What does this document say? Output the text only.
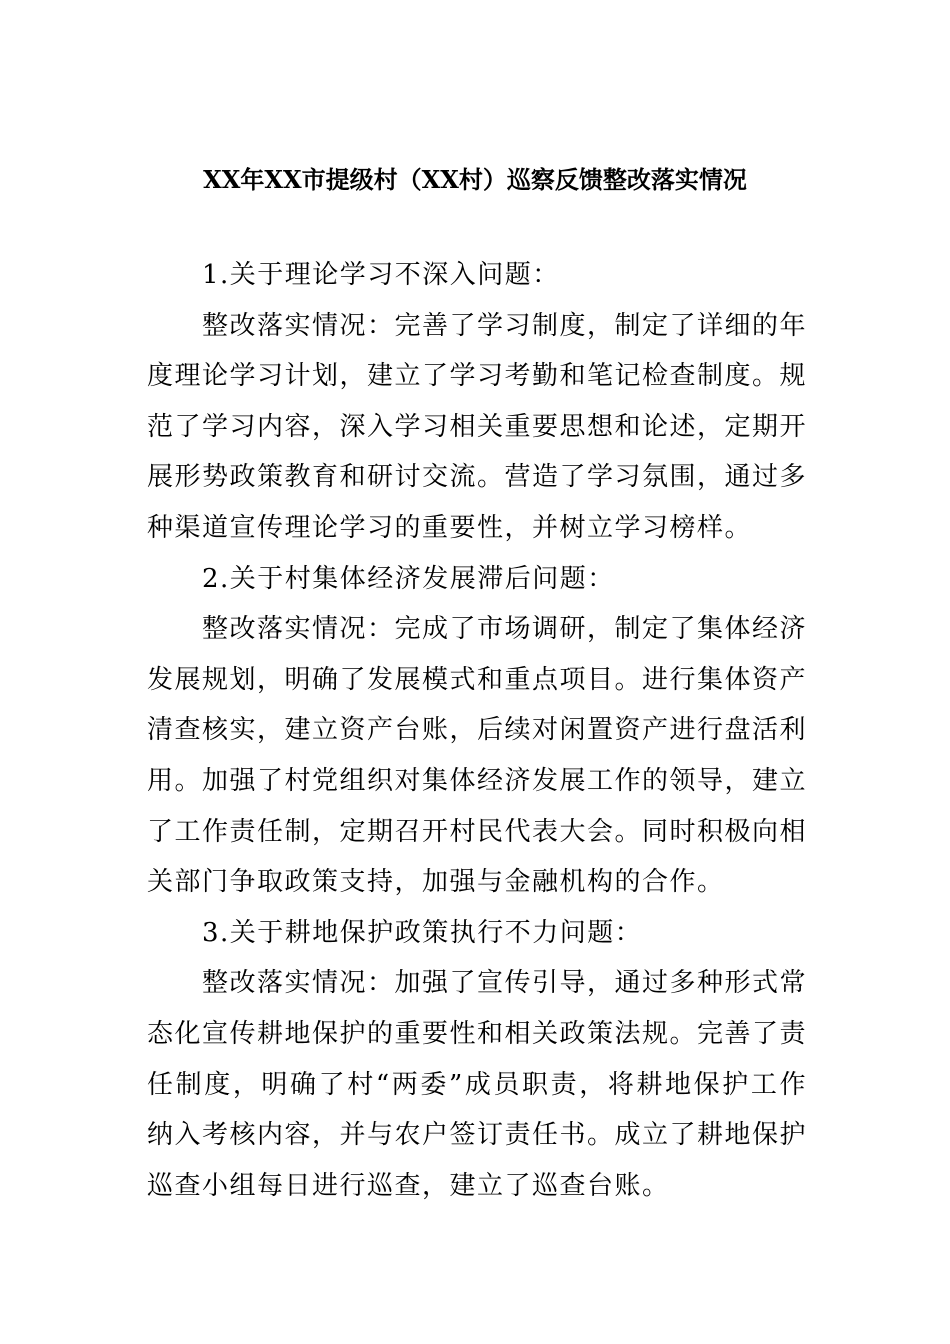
XX年XX市提级村（XX村）巡察反馈整改落实情况

1.关于理论学习不深入问题：

整改落实情况：完善了学习制度，制定了详细的年度理论学习计划，建立了学习考勤和笔记检查制度。规范了学习内容，深入学习相关重要思想和论述，定期开展形势政策教育和研讨交流。营造了学习氛围，通过多种渠道宣传理论学习的重要性，并树立学习榜样。

2.关于村集体经济发展滞后问题：

整改落实情况：完成了市场调研，制定了集体经济发展规划，明确了发展模式和重点项目。进行集体资产清查核实，建立资产台账，后续对闲置资产进行盘活利用。加强了村党组织对集体经济发展工作的领导，建立了工作责任制，定期召开村民代表大会。同时积极向相关部门争取政策支持，加强与金融机构的合作。

3.关于耕地保护政策执行不力问题：

整改落实情况：加强了宣传引导，通过多种形式常态化宣传耕地保护的重要性和相关政策法规。完善了责任制度，明确了村“两委”成员职责，将耕地保护工作纳入考核内容，并与农户签订责任书。成立了耕地保护巡查小组每日进行巡查，建立了巡查台账。
